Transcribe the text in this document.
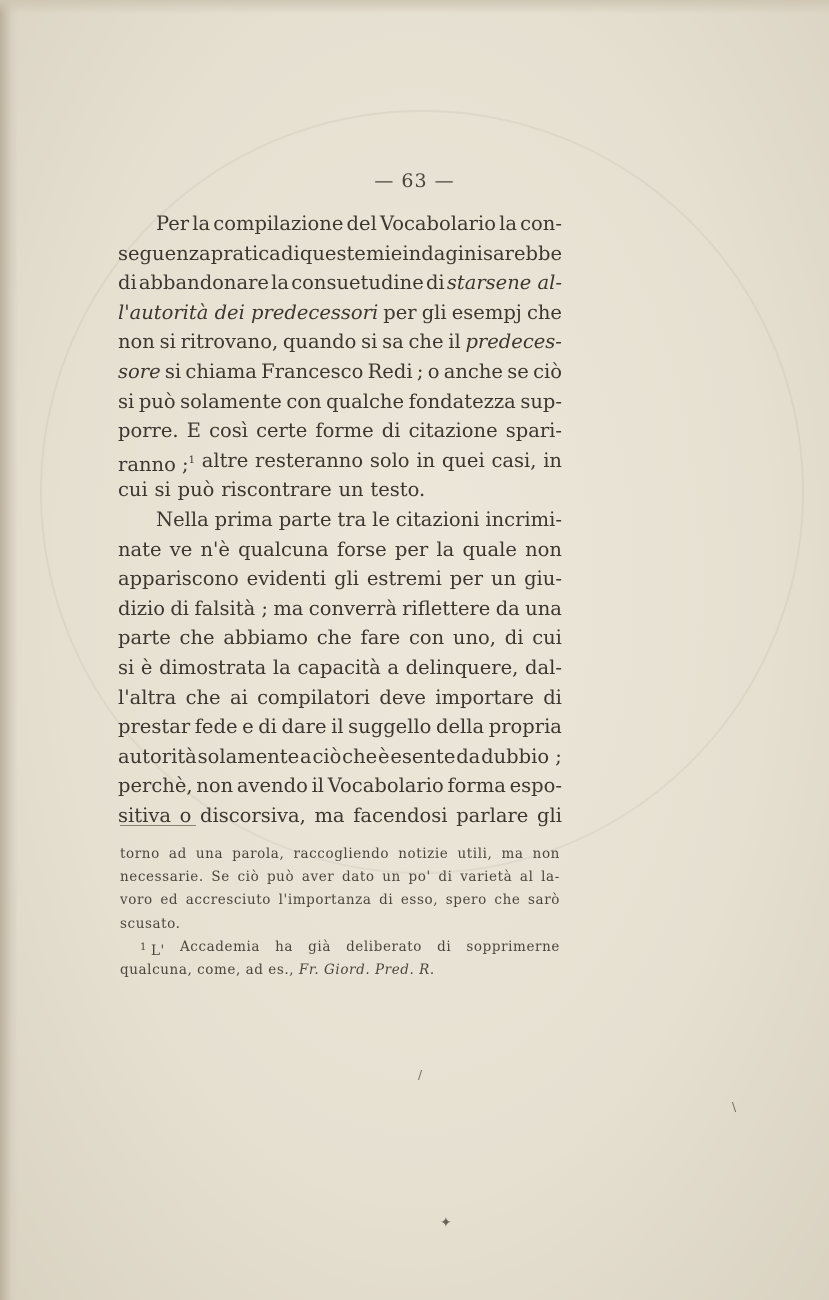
— 63 —
Per la compilazione del Vocabolario la con-
seguenza pratica di queste mie indagini sarebbe
di abbandonare la consuetudine di starsene al-
l'autorità dei predecessori per gli esempj che
non si ritrovano, quando si sa che il predeces-
sore si chiama Francesco Redi ; o anche se ciò
si può solamente con qualche fondatezza sup-
porre. E così certe forme di citazione spari-
ranno ;$^1$ altre resteranno solo in quei casi, in
cui si può riscontrare un testo.
Nella prima parte tra le citazioni incrimi-
nate ve n'è qualcuna forse per la quale non
appariscono evidenti gli estremi per un giu-
dizio di falsità ; ma converrà riflettere da una
parte che abbiamo che fare con uno, di cui
si è dimostrata la capacità a delinquere, dal-
l'altra che ai compilatori deve importare di
prestar fede e di dare il suggello della propria
autorità solamente a ciò che è esente da dubbio ;
perchè, non avendo il Vocabolario forma espo-
sitiva o discorsiva, ma facendosi parlare gli
torno ad una parola, raccogliendo notizie utili, ma non
necessarie. Se ciò può aver dato un po' di varietà al la-
voro ed accresciuto l'importanza di esso, spero che sarò
scusato.
$^1$ L' Accademia ha già deliberato di sopprimerne
qualcuna, come, ad es., Fr. Giord. Pred. R.
/
✦
\
